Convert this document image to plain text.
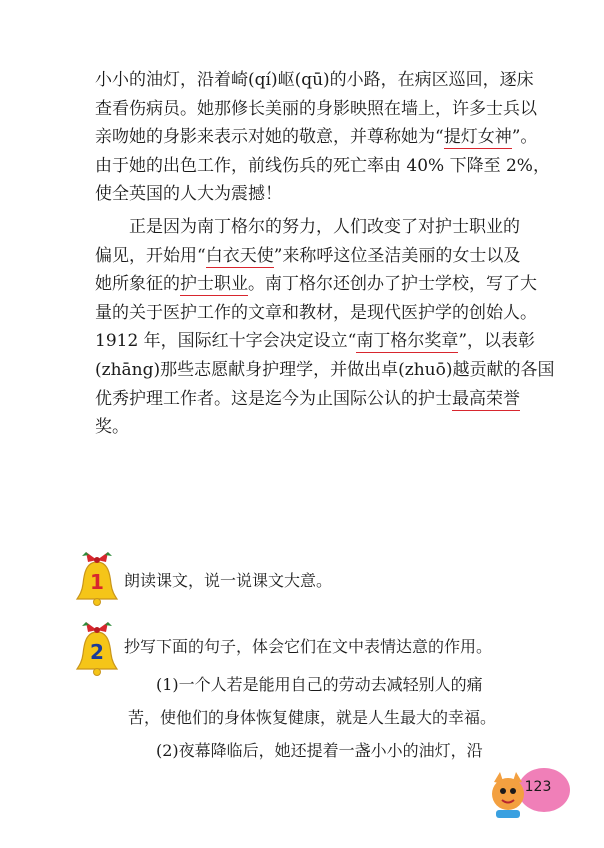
小小的油灯，沿着崎(qí)岖(qū)的小路，在病区巡回，逐床
查看伤病员。她那修长美丽的身影映照在墙上，许多士兵以
亲吻她的身影来表示对她的敬意，并尊称她为“提灯女神”。
由于她的出色工作，前线伤兵的死亡率由 40% 下降至 2%，
使全英国的人大为震撼！
正是因为南丁格尔的努力，人们改变了对护士职业的
偏见，开始用“白衣天使”来称呼这位圣洁美丽的女士以及
她所象征的护士职业。南丁格尔还创办了护士学校，写了大
量的关于医护工作的文章和教材，是现代医护学的创始人。
1912 年，国际红十字会决定设立“南丁格尔奖章”，以表彰
(zhāng)那些志愿献身护理学，并做出卓(zhuō)越贡献的各国
优秀护理工作者。这是迄今为止国际公认的护士最高荣誉
奖。
1 朗读课文，说一说课文大意。
2 抄写下面的句子，体会它们在文中表情达意的作用。
(1)一个人若是能用自己的劳动去减轻别人的痛
苦，使他们的身体恢复健康，就是人生最大的幸福。
(2)夜幕降临后，她还提着一盏小小的油灯，沿
123
